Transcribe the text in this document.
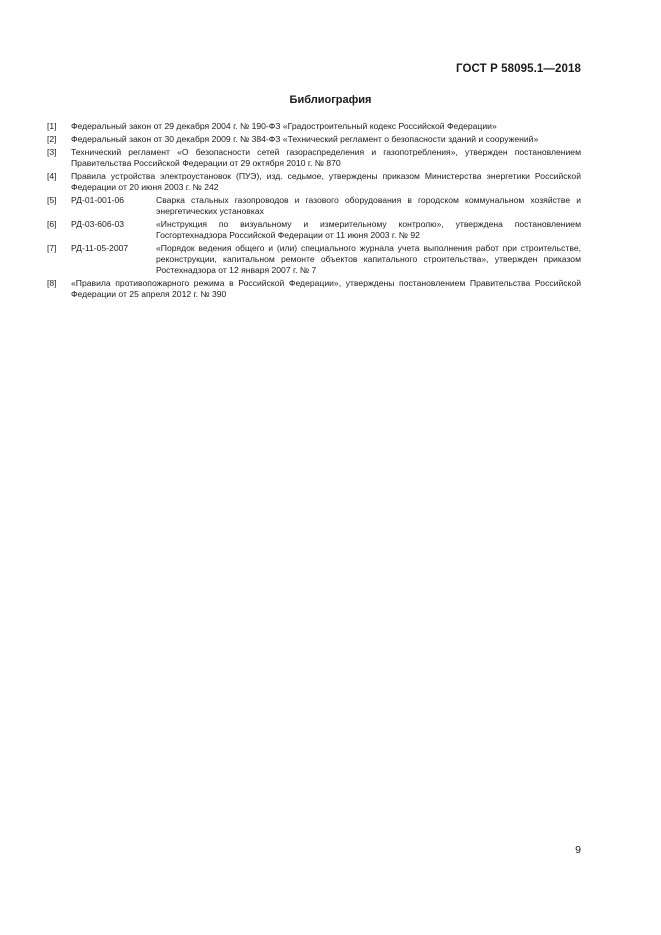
ГОСТ Р 58095.1—2018
Библиография
[1]	Федеральный закон от 29 декабря 2004 г. № 190-ФЗ «Градостроительный кодекс Российской Федерации»
[2]	Федеральный закон от 30 декабря 2009 г. № 384-ФЗ «Технический регламент о безопасности зданий и сооружений»
[3]	Технический регламент «О безопасности сетей газораспределения и газопотребления», утвержден постановлением Правительства Российской Федерации от 29 октября 2010 г. № 870
[4]	Правила устройства электроустановок (ПУЭ), изд. седьмое, утверждены приказом Министерства энергетики Российской Федерации от 20 июня 2003 г. № 242
[5]	РД-01-001-06	Сварка стальных газопроводов и газового оборудования в городском коммунальном хозяйстве и энергетических установках
[6]	РД-03-606-03	«Инструкция по визуальному и измерительному контролю», утверждена постановлением Госгортехнадзора Российской Федерации от 11 июня 2003 г. № 92
[7]	РД-11-05-2007	«Порядок ведения общего и (или) специального журнала учета выполнения работ при строительстве, реконструкции, капитальном ремонте объектов капитального строительства», утвержден приказом Ростехнадзора от 12 января 2007 г. № 7
[8]	«Правила противопожарного режима в Российской Федерации», утверждены постановлением Правительства Российской Федерации от 25 апреля 2012 г. № 390
9
